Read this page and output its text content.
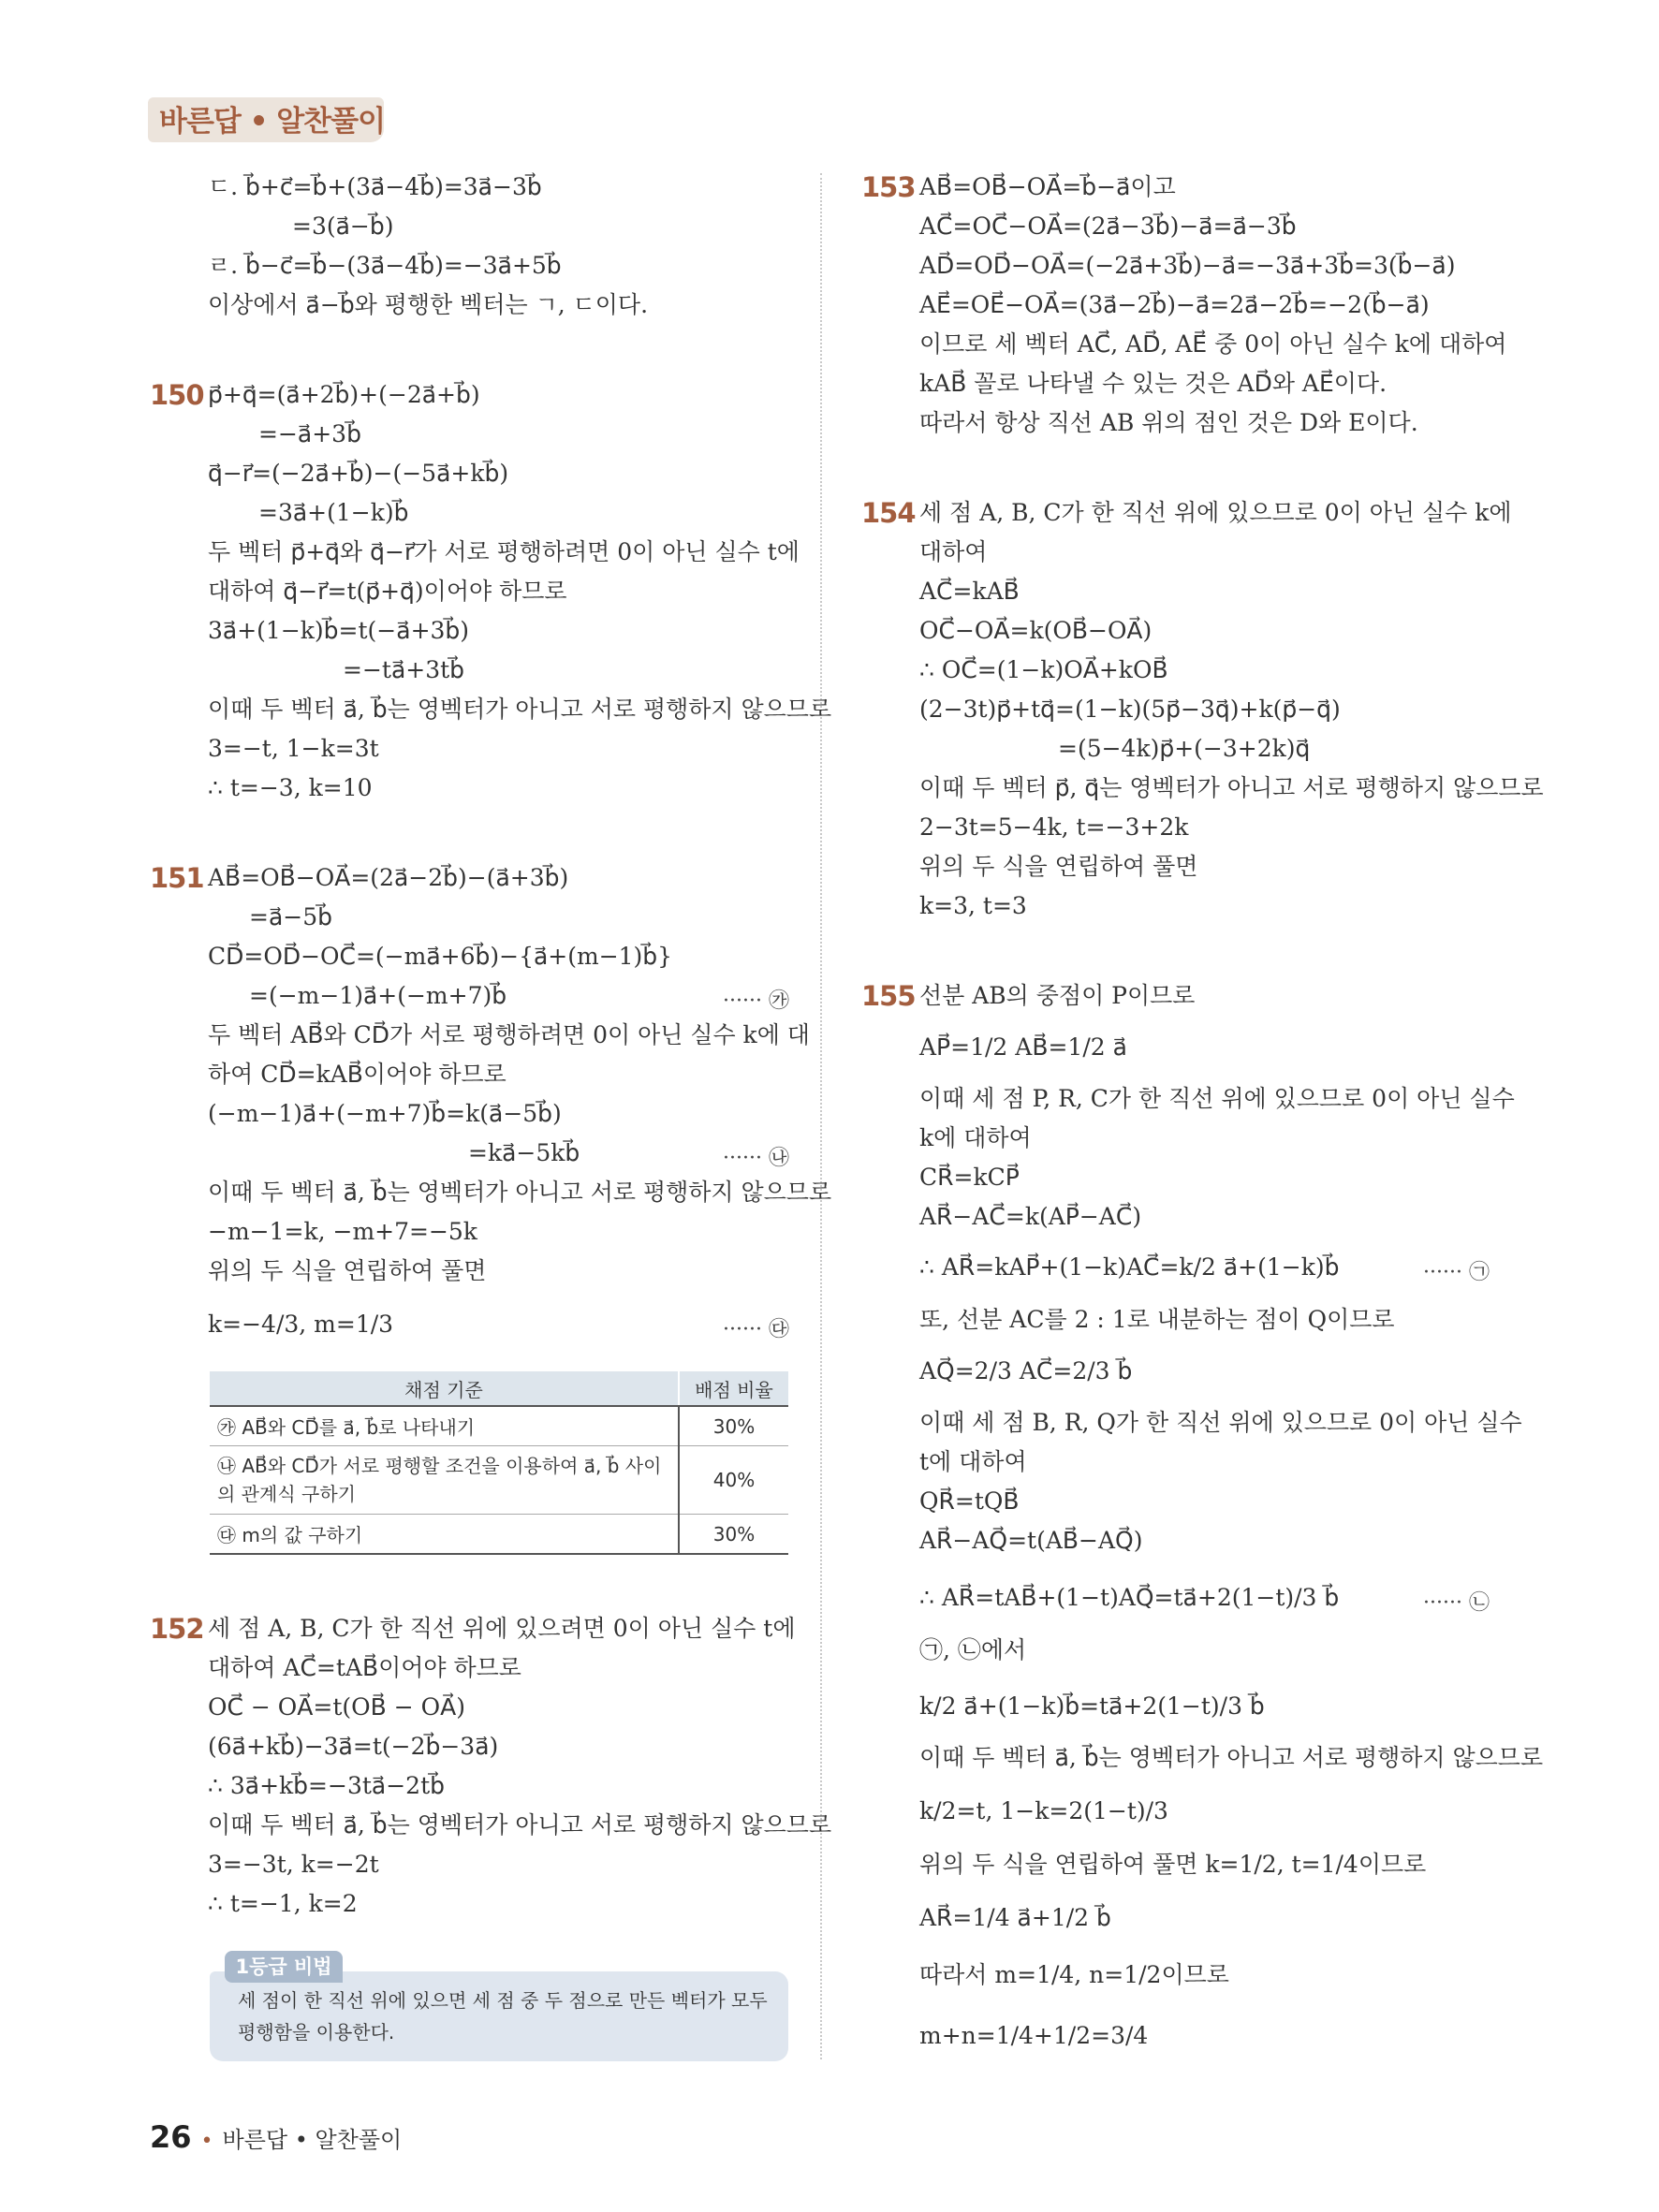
바른답 • 알찬풀이
ㄷ. b⃗+c⃗=b⃗+(3a⃗−4b⃗)=3a⃗−3b⃗
=3(a⃗−b⃗)
ㄹ. b⃗−c⃗=b⃗−(3a⃗−4b⃗)=−3a⃗+5b⃗
이상에서 a⃗−b⃗와 평행한 벡터는 ㄱ, ㄷ이다.
150 p⃗+q⃗=(a⃗+2b⃗)+(−2a⃗+b⃗)
=−a⃗+3b⃗
q⃗−r⃗=(−2a⃗+b⃗)−(−5a⃗+kb⃗)
=3a⃗+(1−k)b⃗
두 벡터 p⃗+q⃗와 q⃗−r⃗가 서로 평행하려면 0이 아닌 실수 t에
대하여 q⃗−r⃗=t(p⃗+q⃗)이어야 하므로
3a⃗+(1−k)b⃗=t(−a⃗+3b⃗)
=−ta⃗+3tb⃗
이때 두 벡터 a⃗, b⃗는 영벡터가 아니고 서로 평행하지 않으므로
3=−t, 1−k=3t
∴ t=−3, k=10
151 AB⃗=OB⃗−OA⃗=(2a⃗−2b⃗)−(a⃗+3b⃗)
=a⃗−5b⃗
CD⃗=OD⃗−OC⃗=(−ma⃗+6b⃗)−{a⃗+(m−1)b⃗}
=(−m−1)a⃗+(−m+7)b⃗	······ ㉮
두 벡터 AB⃗와 CD⃗가 서로 평행하려면 0이 아닌 실수 k에 대
하여 CD⃗=kAB⃗이어야 하므로
(−m−1)a⃗+(−m+7)b⃗=k(a⃗−5b⃗)
=ka⃗−5kb⃗	······ ㉯
이때 두 벡터 a⃗, b⃗는 영벡터가 아니고 서로 평행하지 않으므로
−m−1=k, −m+7=−5k
위의 두 식을 연립하여 풀면
k=−4/3, m=1/3	······ ㉰
채점 기준	배점 비율
㉮ AB⃗와 CD⃗를 a⃗, b⃗로 나타내기	30%
㉯ AB⃗와 CD⃗가 서로 평행할 조건을 이용하여 a⃗, b⃗ 사이의 관계식 구하기	40%
㉰ m의 값 구하기	30%
152 세 점 A, B, C가 한 직선 위에 있으려면 0이 아닌 실수 t에
대하여 AC⃗=tAB⃗이어야 하므로
OC⃗ − OA⃗=t(OB⃗ − OA⃗)
(6a⃗+kb⃗)−3a⃗=t(−2b⃗−3a⃗)
∴ 3a⃗+kb⃗=−3ta⃗−2tb⃗
이때 두 벡터 a⃗, b⃗는 영벡터가 아니고 서로 평행하지 않으므로
3=−3t, k=−2t
∴ t=−1, k=2
1등급 비법
세 점이 한 직선 위에 있으면 세 점 중 두 점으로 만든 벡터가 모두 평행함을 이용한다.
153 AB⃗=OB⃗−OA⃗=b⃗−a⃗이고
AC⃗=OC⃗−OA⃗=(2a⃗−3b⃗)−a⃗=a⃗−3b⃗
AD⃗=OD⃗−OA⃗=(−2a⃗+3b⃗)−a⃗=−3a⃗+3b⃗=3(b⃗−a⃗)
AE⃗=OE⃗−OA⃗=(3a⃗−2b⃗)−a⃗=2a⃗−2b⃗=−2(b⃗−a⃗)
이므로 세 벡터 AC⃗, AD⃗, AE⃗ 중 0이 아닌 실수 k에 대하여
kAB⃗ 꼴로 나타낼 수 있는 것은 AD⃗와 AE⃗이다.
따라서 항상 직선 AB 위의 점인 것은 D와 E이다.
154 세 점 A, B, C가 한 직선 위에 있으므로 0이 아닌 실수 k에
대하여
AC⃗=kAB⃗
OC⃗−OA⃗=k(OB⃗−OA⃗)
∴ OC⃗=(1−k)OA⃗+kOB⃗
(2−3t)p⃗+tq⃗=(1−k)(5p⃗−3q⃗)+k(p⃗−q⃗)
=(5−4k)p⃗+(−3+2k)q⃗
이때 두 벡터 p⃗, q⃗는 영벡터가 아니고 서로 평행하지 않으므로
2−3t=5−4k, t=−3+2k
위의 두 식을 연립하여 풀면
k=3, t=3
155 선분 AB의 중점이 P이므로
AP⃗=1/2 AB⃗=1/2 a⃗
이때 세 점 P, R, C가 한 직선 위에 있으므로 0이 아닌 실수
k에 대하여
CR⃗=kCP⃗
AR⃗−AC⃗=k(AP⃗−AC⃗)
∴ AR⃗=kAP⃗+(1−k)AC⃗=k/2 a⃗+(1−k)b⃗	······ ㉠
또, 선분 AC를 2 : 1로 내분하는 점이 Q이므로
AQ⃗=2/3 AC⃗=2/3 b⃗
이때 세 점 B, R, Q가 한 직선 위에 있으므로 0이 아닌 실수
t에 대하여
QR⃗=tQB⃗
AR⃗−AQ⃗=t(AB⃗−AQ⃗)
∴ AR⃗=tAB⃗+(1−t)AQ⃗=ta⃗+2(1−t)/3 b⃗	······ ㉡
㉠, ㉡에서
k/2 a⃗+(1−k)b⃗=ta⃗+2(1−t)/3 b⃗
이때 두 벡터 a⃗, b⃗는 영벡터가 아니고 서로 평행하지 않으므로
k/2=t, 1−k=2(1−t)/3
위의 두 식을 연립하여 풀면 k=1/2, t=1/4이므로
AR⃗=1/4 a⃗+1/2 b⃗
따라서 m=1/4, n=1/2이므로
m+n=1/4+1/2=3/4
26 • 바른답 • 알찬풀이
